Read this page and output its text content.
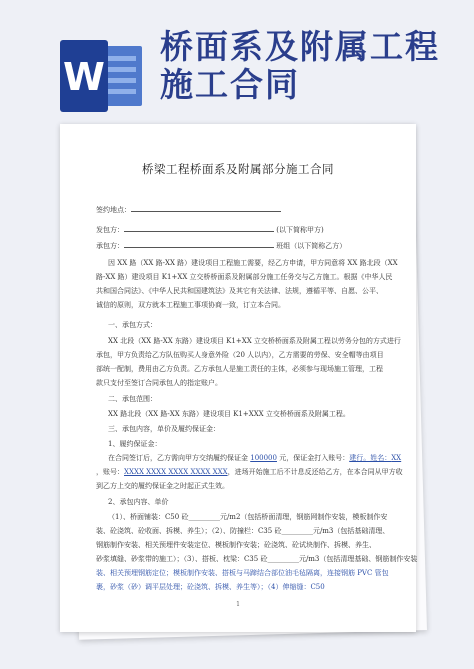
W
桥面系及附属工程施工合同
桥梁工程桥面系及附属部分施工合同
签约地点：
发包方：	(以下简称甲方)
承包方：	班组（以下简称乙方）
因 XX 路（XX 路-XX 路）建设项目工程施工需要，经乙方申请，甲方同意将 XX 路北段（XX
路-XX 路）建设项目 K1+XX 立交桥桥面系及附属部分施工任务交与乙方施工。根据《中华人民
共和国合同法》、《中华人民共和国建筑法》及其它有关法律、法规，遵循平等、自愿、公平、
诚信的原则，双方就本工程施工事项协商一致，订立本合同。
一、承包方式：
XX 北段（XX 路-XX 东路）建设项目 K1+XX 立交桥桥面系及附属工程以劳务分包的方式进行
承包，甲方负责给乙方队伍购买人身意外险（20 人以内），乙方需要的劳保、安全帽等由项目
部统一配制，费用由乙方负责。乙方承包人是施工责任的主体，必须参与现场施工管理，工程
款只支付至签订合同承包人的指定账户。
二、承包范围：
XX 路北段（XX 路-XX 东路）建设项目 K1+XXX 立交桥桥面系及附属工程。
三、承包内容，单价及履约保证金：
1、履约保证金：
在合同签订后，乙方需向甲方交纳履约保证金 100000 元，保证金打入账号：建行。姓名：XX
，账号：XXXX XXXX XXXX XXXX XXX，进场开始施工后不计息反还给乙方，在本合同从甲方收
到乙方上交的履约保证金之时起正式生效。
2、承包内容、单价
（1）、桥面铺装：C50 砼_________元/m2（包括桥面清理，钢筋网制作安装，模板制作安
装、砼浇筑、砼收面、拆模、养生）；（2）、防撞栏：C35 砼_________元/m3（包括基础清理、
钢筋制作安装、相关预埋件安装定位、模板制作安装；砼浇筑、砼试块制作、拆模、养生、
砂浆填缝、砂浆带的施工）；（3）、搭板、枕梁：C35 砼_________元/m3（包括清理基础、钢筋制作安装
装、相关预埋钢筋定位；模板制作安装、搭板与马蹄结合部位油毛毡隔离，连接钢筋 PVC 管包
裹，砂浆（砂）调平层处理；砼浇筑、拆模、养生等）；（4）伸缩缝：C50
1
